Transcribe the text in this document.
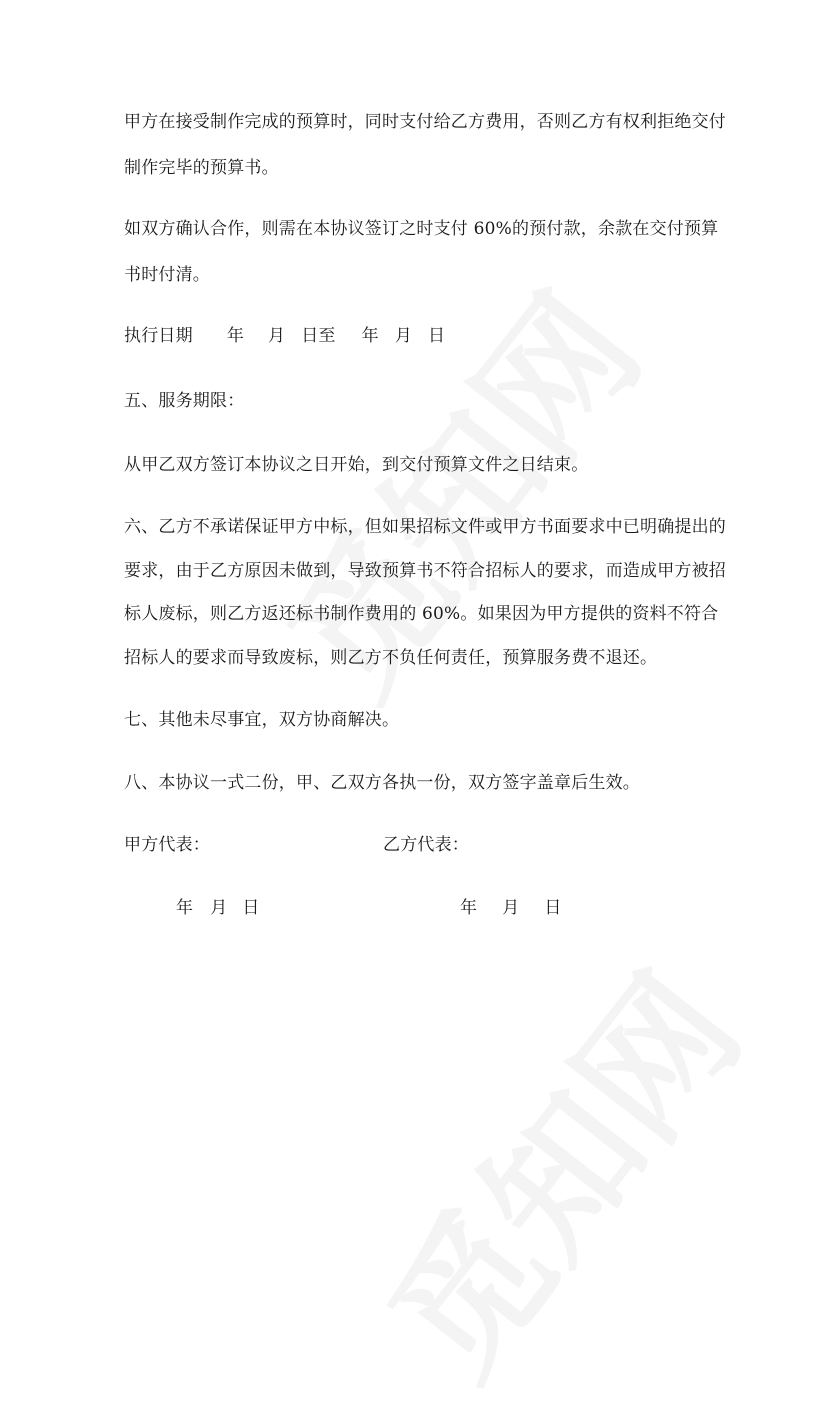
甲方在接受制作完成的预算时，同时支付给乙方费用，否则乙方有权利拒绝交付
制作完毕的预算书。
如双方确认合作，则需在本协议签订之时支付 60%的预付款，余款在交付预算
书时付清。
执行日期 年 月 日至 年 月 日
五、服务期限：
从甲乙双方签订本协议之日开始，到交付预算文件之日结束。
六、乙方不承诺保证甲方中标，但如果招标文件或甲方书面要求中已明确提出的
要求，由于乙方原因未做到，导致预算书不符合招标人的要求，而造成甲方被招
标人废标，则乙方返还标书制作费用的 60%。如果因为甲方提供的资料不符合
招标人的要求而导致废标，则乙方不负任何责任，预算服务费不退还。
七、其他未尽事宜，双方协商解决。
八、本协议一式二份，甲、乙双方各执一份，双方签字盖章后生效。
甲方代表：	乙方代表：
年 月 日	年 月 日
